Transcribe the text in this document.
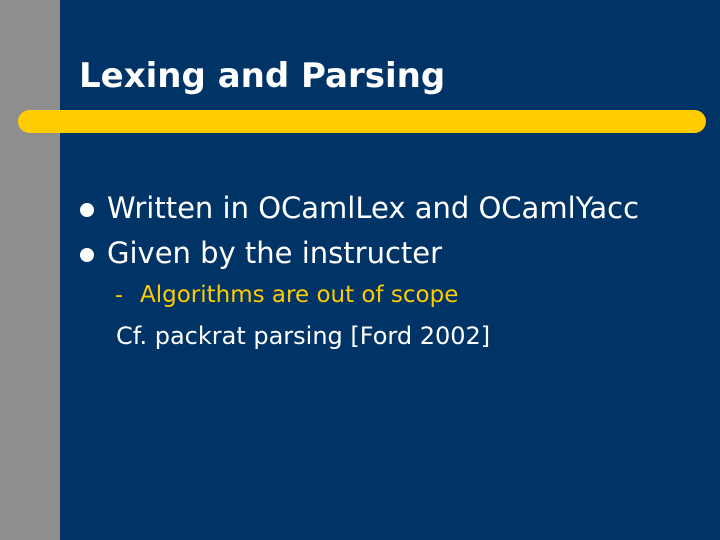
Lexing and Parsing
Written in OCamlLex and OCamlYacc
Given by the instructer
- Algorithms are out of scope
Cf. packrat parsing [Ford 2002]
